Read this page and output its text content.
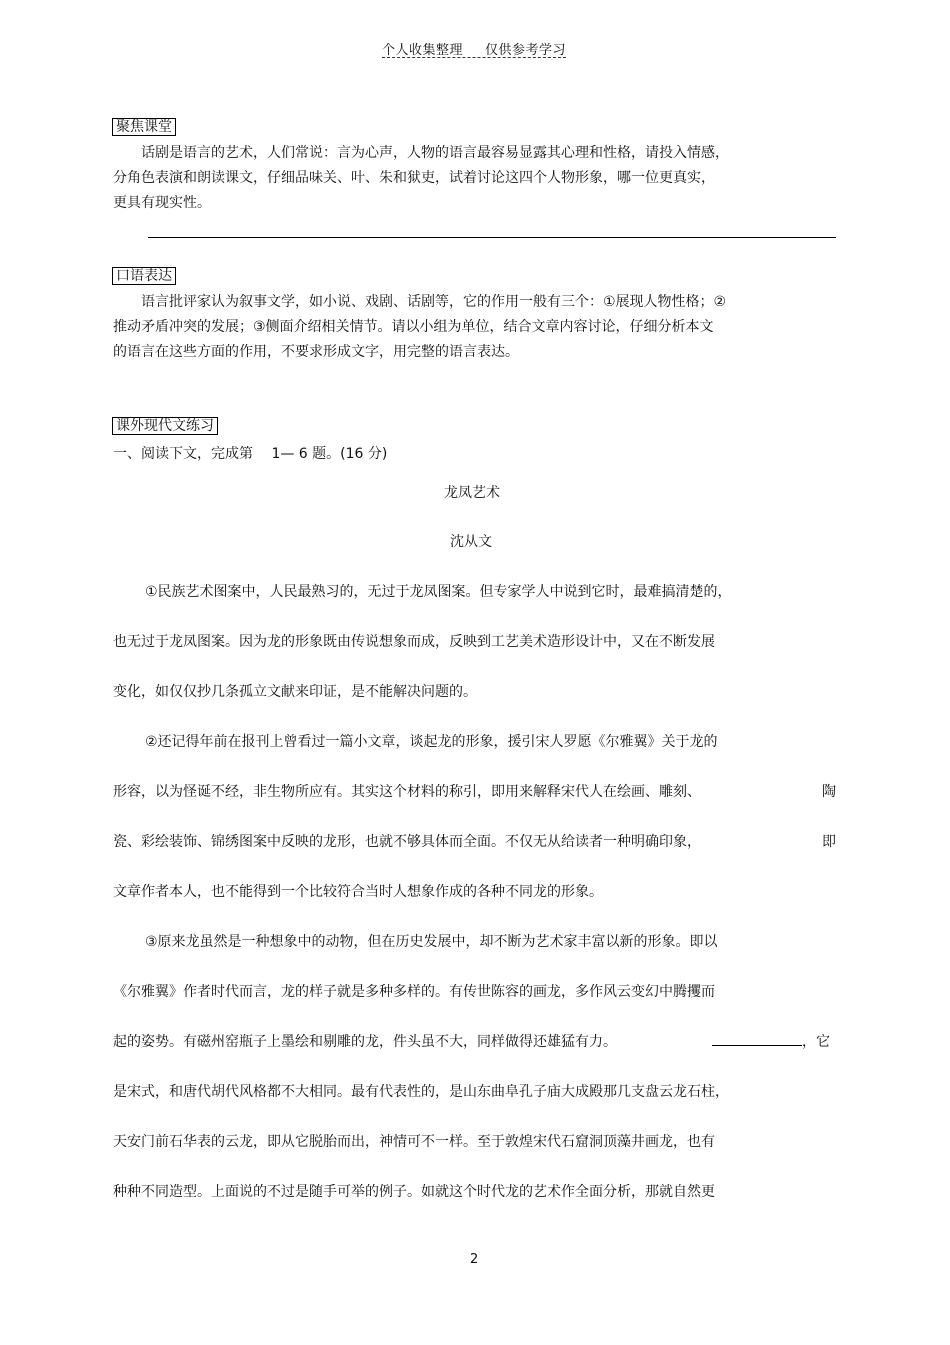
个人收集整理 仅供参考学习
聚焦课堂
话剧是语言的艺术，人们常说：言为心声，人物的语言最容易显露其心理和性格，请投入情感，
分角色表演和朗读课文，仔细品味关、叶、朱和狱吏，试着讨论这四个人物形象，哪一位更真实，
更具有现实性。
口语表达
语言批评家认为叙事文学，如小说、戏剧、话剧等，它的作用一般有三个：①展现人物性格；②
推动矛盾冲突的发展；③侧面介绍相关情节。请以小组为单位，结合文章内容讨论，仔细分析本文
的语言在这些方面的作用，不要求形成文字，用完整的语言表达。
课外现代文练习
一、阅读下文，完成第　 1— 6 题。(16 分)
龙凤艺术
沈从文
①民族艺术图案中，人民最熟习的，无过于龙凤图案。但专家学人中说到它时，最难搞清楚的，
也无过于龙凤图案。因为龙的形象既由传说想象而成，反映到工艺美术造形设计中，又在不断发展
变化，如仅仅抄几条孤立文献来印证，是不能解决问题的。
②还记得年前在报刊上曾看过一篇小文章，谈起龙的形象，援引宋人罗愿《尔雅翼》关于龙的
形容，以为怪诞不经，非生物所应有。其实这个材料的称引，即用来解释宋代人在绘画、雕刻、	陶
瓷、彩绘装饰、锦绣图案中反映的龙形，也就不够具体而全面。不仅无从给读者一种明确印象，	即
文章作者本人，也不能得到一个比较符合当时人想象作成的各种不同龙的形象。
③原来龙虽然是一种想象中的动物，但在历史发展中，却不断为艺术家丰富以新的形象。即以
《尔雅翼》作者时代而言，龙的样子就是多种多样的。有传世陈容的画龙，多作风云变幻中腾攫而
起的姿势。有磁州窑瓶子上墨绘和剔雕的龙，件头虽不大，同样做得还雄猛有力。	，它
是宋式，和唐代胡代风格都不大相同。最有代表性的，是山东曲阜孔子庙大成殿那几支盘云龙石柱，
天安门前石华表的云龙，即从它脱胎而出，神情可不一样。至于敦煌宋代石窟洞顶藻井画龙，也有
种种不同造型。上面说的不过是随手可举的例子。如就这个时代龙的艺术作全面分析，那就自然更
2
